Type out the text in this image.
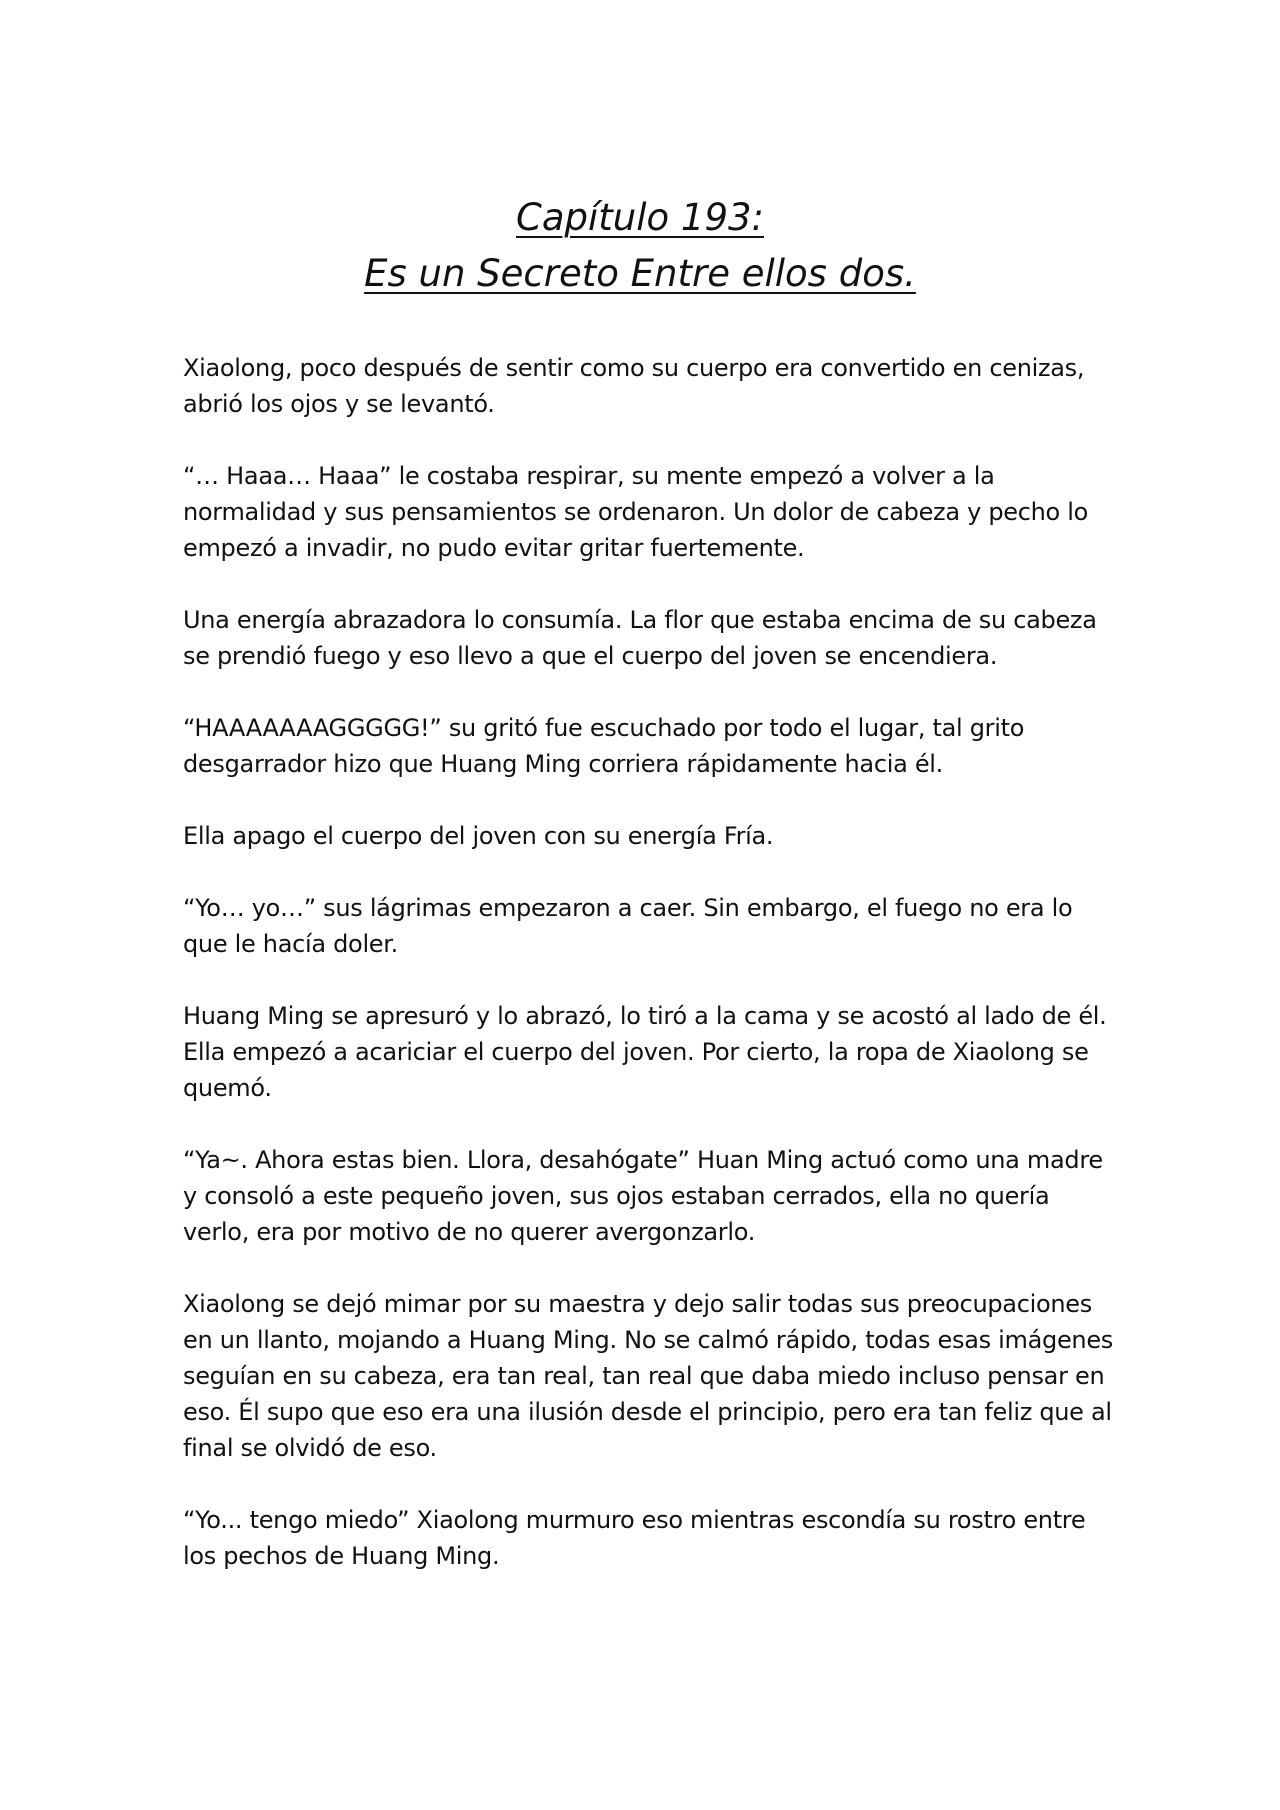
Capítulo 193:
Es un Secreto Entre ellos dos.

Xiaolong, poco después de sentir como su cuerpo era convertido en cenizas, abrió los ojos y se levantó.

“… Haaa… Haaa” le costaba respirar, su mente empezó a volver a la normalidad y sus pensamientos se ordenaron. Un dolor de cabeza y pecho lo empezó a invadir, no pudo evitar gritar fuertemente.

Una energía abrazadora lo consumía. La flor que estaba encima de su cabeza se prendió fuego y eso llevo a que el cuerpo del joven se encendiera.

“HAAAAAAAGGGGG!” su gritó fue escuchado por todo el lugar, tal grito desgarrador hizo que Huang Ming corriera rápidamente hacia él.

Ella apago el cuerpo del joven con su energía Fría.

“Yo… yo…” sus lágrimas empezaron a caer. Sin embargo, el fuego no era lo que le hacía doler.

Huang Ming se apresuró y lo abrazó, lo tiró a la cama y se acostó al lado de él. Ella empezó a acariciar el cuerpo del joven. Por cierto, la ropa de Xiaolong se quemó.

“Ya~. Ahora estas bien. Llora, desahógate” Huan Ming actuó como una madre y consoló a este pequeño joven, sus ojos estaban cerrados, ella no quería verlo, era por motivo de no querer avergonzarlo.

Xiaolong se dejó mimar por su maestra y dejo salir todas sus preocupaciones en un llanto, mojando a Huang Ming. No se calmó rápido, todas esas imágenes seguían en su cabeza, era tan real, tan real que daba miedo incluso pensar en eso. Él supo que eso era una ilusión desde el principio, pero era tan feliz que al final se olvidó de eso.

“Yo... tengo miedo” Xiaolong murmuro eso mientras escondía su rostro entre los pechos de Huang Ming.
